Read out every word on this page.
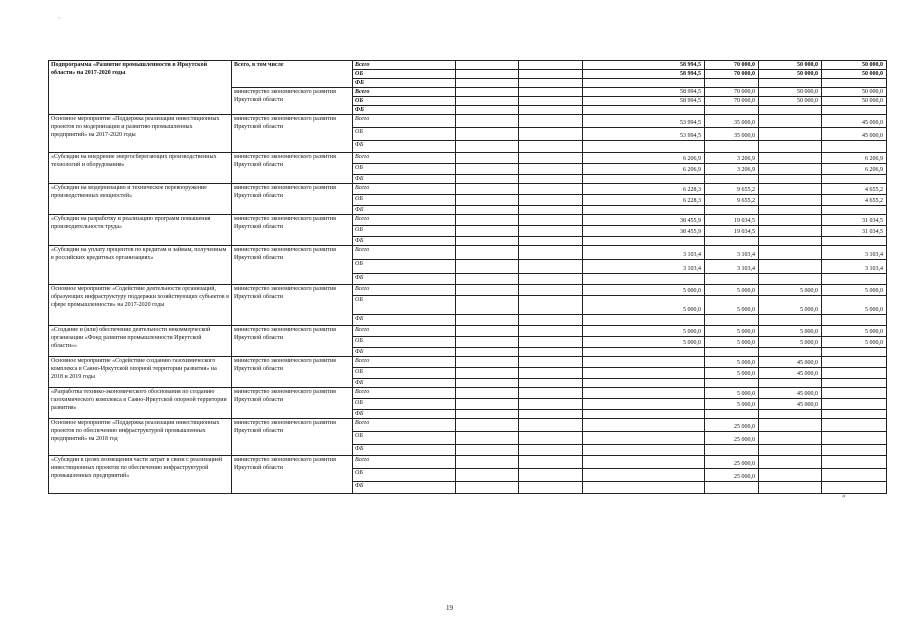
`
Подпрограмма «Развитие промышленности в Иркутской области» на 2017-2020 годы	Всего, в том числе	Всего			58 994,5	70 000,0	50 000,0	50 000,0
		ОБ			58 994,5	70 000,0	50 000,0	50 000,0
		ФБ						
	министерство экономического развития Иркутской области	Всего			58 994,5	70 000,0	50 000,0	50 000,0
		ОБ			58 994,5	70 000,0	50 000,0	50 000,0
		ФБ						
Основное мероприятие «Поддержка реализации инвестиционных проектов по модернизации и развитию промышленных предприятий» на 2017-2020 годы	министерство экономического развития Иркутской области	Всего			53 994,5	35 000,0		45 000,0
		ОБ			53 994,5	35 000,0		45 000,0
		ФБ						
«Субсидии на внедрение энергосберегающих производственных технологий и оборудования»	министерство экономического развития Иркутской области	Всего			6 206,9	3 206,9		6 206,9
		ОБ			6 206,9	3 206,9		6 206,9
		ФБ						
«Субсидии на модернизацию и техническое перевооружение производственных мощностей»	министерство экономического развития Иркутской области	Всего			6 228,3	9 655,2		4 655,2
		ОБ			6 228,3	9 655,2		4 655,2
		ФБ						
«Субсидии на разработку и реализацию программ повышения производительности труда»	министерство экономического развития Иркутской области	Всего			38 455,9	19 034,5		31 034,5
		ОБ			38 455,9	19 034,5		31 034,5
		ФБ						
«Субсидии на уплату процентов по кредитам и займам, полученным в российских кредитных организациях»	министерство экономического развития Иркутской области	Всего			3 103,4	3 103,4		3 103,4
		ОБ			3 103,4	3 103,4		3 103,4
		ФБ						
Основное мероприятие «Содействие деятельности организаций, образующих инфраструктуру поддержки хозяйствующих субъектов в сфере промышленности» на 2017-2020 годы	министерство экономического развития Иркутской области	Всего			5 000,0	5 000,0	5 000,0	5 000,0
		ОБ			5 000,0	5 000,0	5 000,0	5 000,0
		ФБ						
«Создание и (или) обеспечение деятельности некоммерческой организации «Фонд развития промышленности Иркутской области»»	министерство экономического развития Иркутской области	Всего			5 000,0	5 000,0	5 000,0	5 000,0
		ОБ			5 000,0	5 000,0	5 000,0	5 000,0
		ФБ						
Основное мероприятие «Содействие созданию газохимического комплекса в Саяно-Иркутской опорной территории развития» на 2018 и 2019 годы	министерство экономического развития Иркутской области	Всего				5 000,0	45 000,0	
		ОБ				5 000,0	45 000,0	
		ФБ						
«Разработка технико-экономического обоснования по созданию газохимического комплекса в Саяно-Иркутской опорной территории развития»	министерство экономического развития Иркутской области	Всего				5 000,0	45 000,0	
		ОБ				5 000,0	45 000,0	
		ФБ						
Основное мероприятие «Поддержка реализации инвестиционных проектов по обеспечению инфраструктурой промышленных предприятий» на 2018 год	министерство экономического развития Иркутской области	Всего				25 000,0		
		ОБ				25 000,0		
		ФБ						
«Субсидии в целях возмещения части затрат в связи с реализацией инвестиционных проектов по обеспечению инфраструктурой промышленных предприятий»	министерство экономического развития Иркутской области	Всего				25 000,0		
		ОБ				25 000,0		
		ФБ						
«
19
